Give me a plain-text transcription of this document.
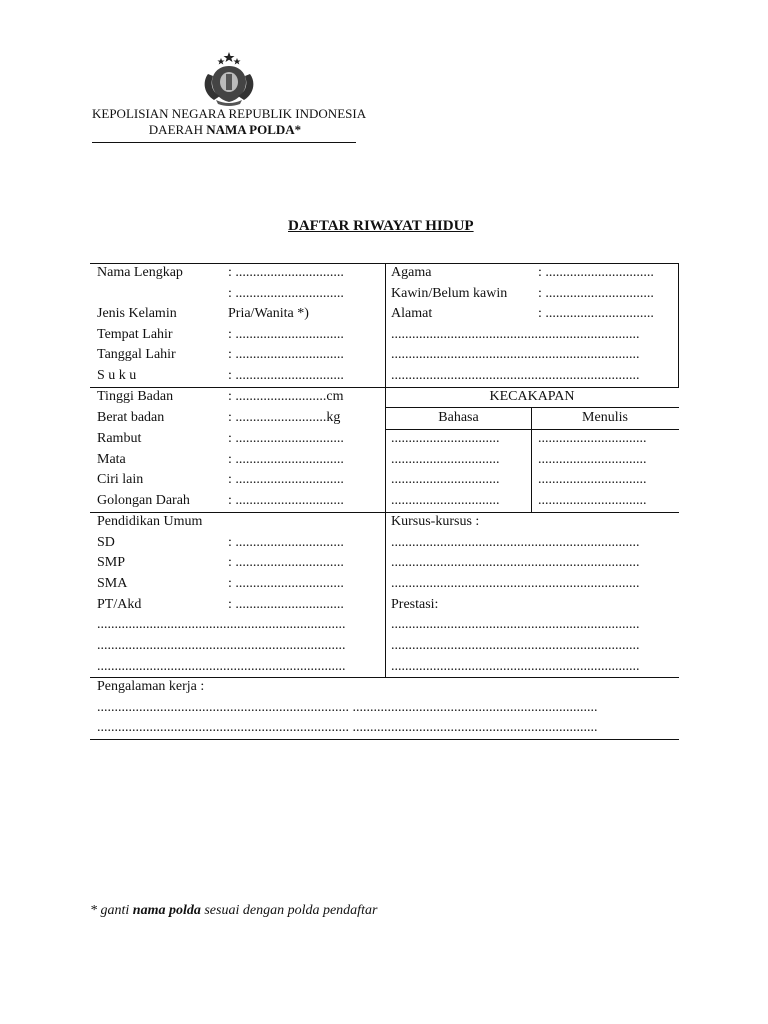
KEPOLISIAN NEGARA REPUBLIK INDONESIA
DAERAH NAMA POLDA*
DAFTAR RIWAYAT HIDUP
Nama Lengkap	: ...............................
: ...............................
Jenis Kelamin	Pria/Wanita *)
Tempat Lahir	: ...............................
Tanggal Lahir	: ...............................
S u k u	: ...............................
Agama	: ...............................
Kawin/Belum kawin : ...............................
Alamat	: ...............................
.......................................................................
.......................................................................
.......................................................................
Tinggi Badan	: ..........................cm
Berat badan	: ..........................kg
Rambut	: ...............................
Mata	: ...............................
Ciri lain	: ...............................
Golongan Darah	: ...............................
KECAKAPAN
Bahasa	Menulis
...............................	...............................
...............................	...............................
...............................	...............................
...............................	...............................
Pendidikan Umum
SD	: ...............................
SMP	: ...............................
SMA	: ...............................
PT/Akd	: ...............................
.......................................................................
.......................................................................
.......................................................................
Kursus-kursus :
.......................................................................
.......................................................................
.......................................................................
Prestasi:
.......................................................................
.......................................................................
.......................................................................
Pengalaman kerja :
........................................................................ ......................................................................
........................................................................ ......................................................................
* ganti nama polda sesuai dengan polda pendaftar
